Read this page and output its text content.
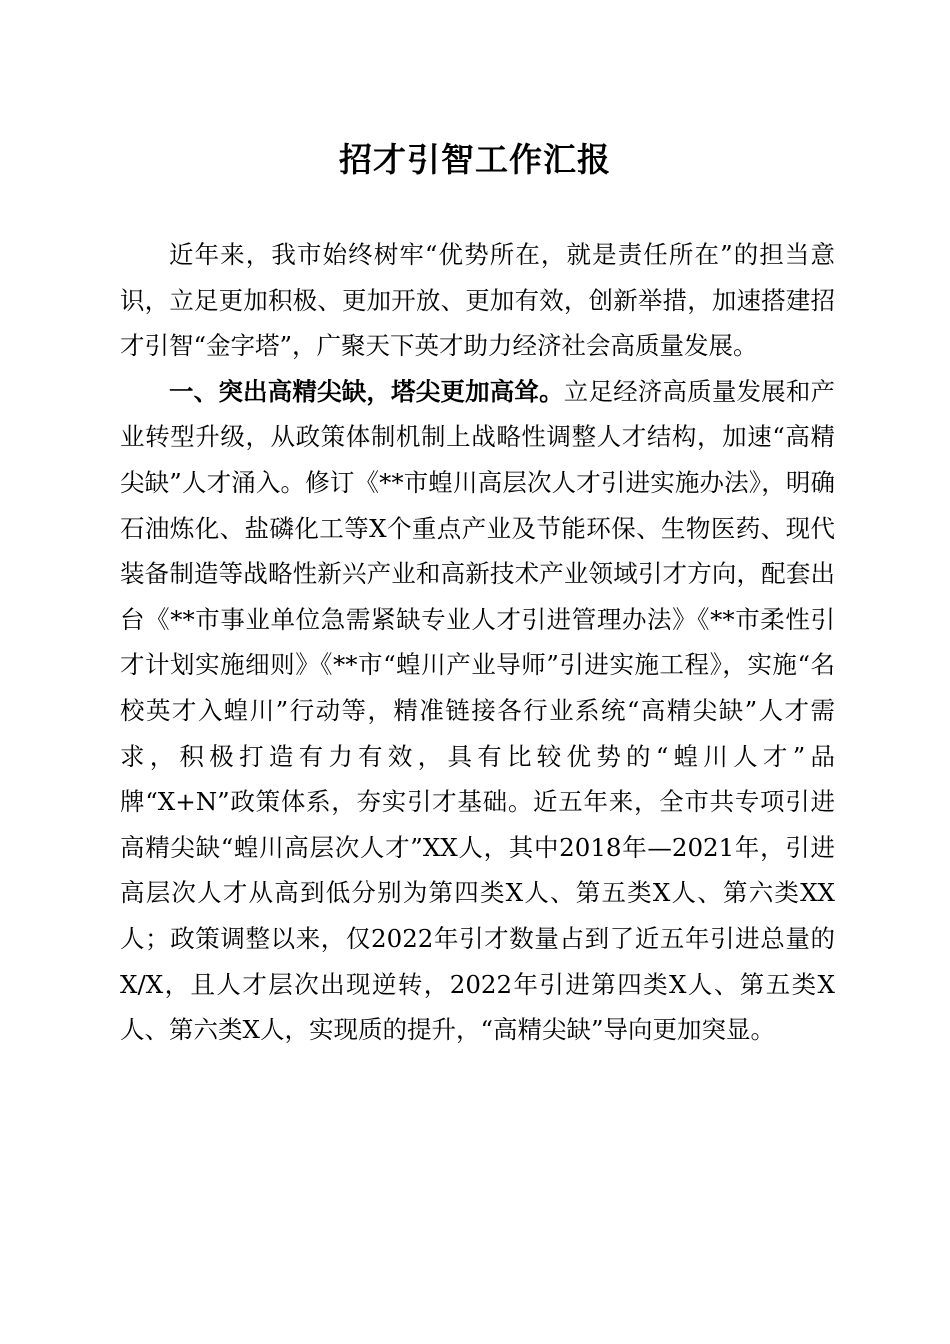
招才引智工作汇报

近年来，我市始终树牢“优势所在，就是责任所在”的担当意识，立足更加积极、更加开放、更加有效，创新举措，加速搭建招才引智“金字塔”，广聚天下英才助力经济社会高质量发展。

一、突出高精尖缺，塔尖更加高耸。立足经济高质量发展和产业转型升级，从政策体制机制上战略性调整人才结构，加速“高精尖缺”人才涌入。修订《**市蝗川高层次人才引进实施办法》，明确石油炼化、盐磷化工等X个重点产业及节能环保、生物医药、现代装备制造等战略性新兴产业和高新技术产业领域引才方向，配套出台《**市事业单位急需紧缺专业人才引进管理办法》《**市柔性引才计划实施细则》《**市“蝗川产业导师”引进实施工程》，实施“名校英才入蝗川”行动等，精准链接各行业系统“高精尖缺”人才需求，积极打造有力有效，具有比较优势的“蝗川人才”品牌“X+N”政策体系，夯实引才基础。近五年来，全市共专项引进高精尖缺“蝗川高层次人才”XX人，其中2018年—2021年，引进高层次人才从高到低分别为第四类X人、第五类X人、第六类XX人；政策调整以来，仅2022年引才数量占到了近五年引进总量的X/X，且人才层次出现逆转，2022年引进第四类X人、第五类X人、第六类X人，实现质的提升，“高精尖缺”导向更加突显。
